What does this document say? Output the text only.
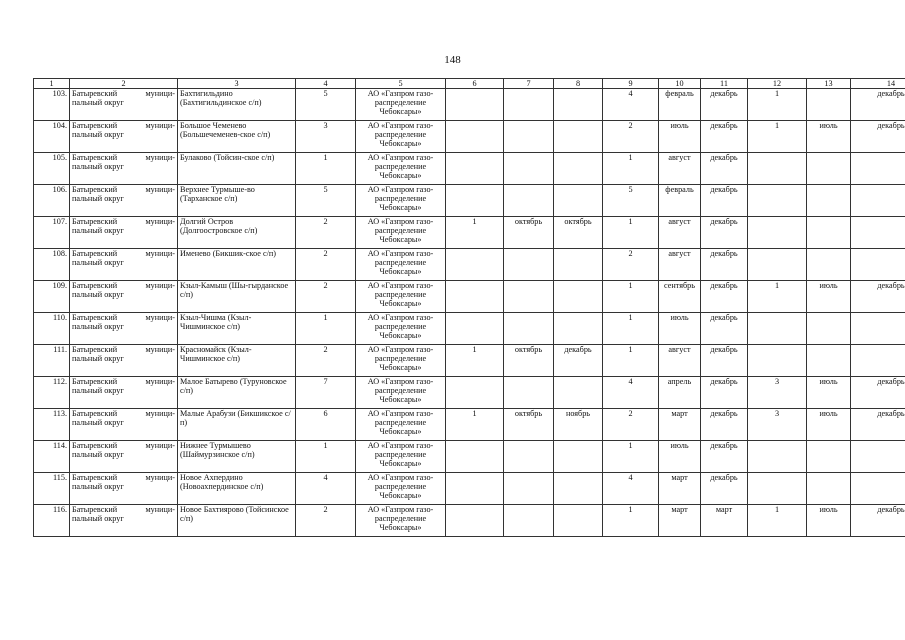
148
1	2	3	4	5	6	7	8	9	10	11	12	13	14
103.	Батыревский муници-пальный округ	Бахтигильдино (Бахтигильдинское с/п)	5	АО «Газпром газо-распределение Чебоксары»				4	февраль	декабрь	1		декабрь
104.	Батыревский муници-пальный округ	Большое Чеменево (Большечеменев-ское с/п)	3	АО «Газпром газо-распределение Чебоксары»				2	июль	декабрь	1	июль	декабрь
105.	Батыревский муници-пальный округ	Булаково (Тойсин-ское с/п)	1	АО «Газпром газо-распределение Чебоксары»				1	август	декабрь			
106.	Батыревский муници-пальный округ	Верхнее Турмыше-во (Тарханское с/п)	5	АО «Газпром газо-распределение Чебоксары»				5	февраль	декабрь			
107.	Батыревский муници-пальный округ	Долгий Остров (Долгоостровское с/п)	2	АО «Газпром газо-распределение Чебоксары»	1	октябрь	октябрь	1	август	декабрь			
108.	Батыревский муници-пальный округ	Именево (Бикшик-ское с/п)	2	АО «Газпром газо-распределение Чебоксары»				2	август	декабрь			
109.	Батыревский муници-пальный округ	Кзыл-Камыш (Шы-гырданское с/п)	2	АО «Газпром газо-распределение Чебоксары»				1	сентябрь	декабрь	1	июль	декабрь
110.	Батыревский муници-пальный округ	Кзыл-Чишма (Кзыл-Чишминское с/п)	1	АО «Газпром газо-распределение Чебоксары»				1	июль	декабрь			
111.	Батыревский муници-пальный округ	Красномайск (Кзыл-Чишминское с/п)	2	АО «Газпром газо-распределение Чебоксары»	1	октябрь	декабрь	1	август	декабрь			
112.	Батыревский муници-пальный округ	Малое Батырево (Туруновское с/п)	7	АО «Газпром газо-распределение Чебоксары»				4	апрель	декабрь	3	июль	декабрь
113.	Батыревский муници-пальный округ	Малые Арабузи (Бикшикское с/п)	6	АО «Газпром газо-распределение Чебоксары»	1	октябрь	ноябрь	2	март	декабрь	3	июль	декабрь
114.	Батыревский муници-пальный округ	Нижнее Турмышево (Шаймурзинское с/п)	1	АО «Газпром газо-распределение Чебоксары»				1	июль	декабрь			
115.	Батыревский муници-пальный округ	Новое Ахпердино (Новоахпердинское с/п)	4	АО «Газпром газо-распределение Чебоксары»				4	март	декабрь			
116.	Батыревский муници-пальный округ	Новое Бахтиярово (Тойсинское с/п)	2	АО «Газпром газо-распределение Чебоксары»				1	март	март	1	июль	декабрь
